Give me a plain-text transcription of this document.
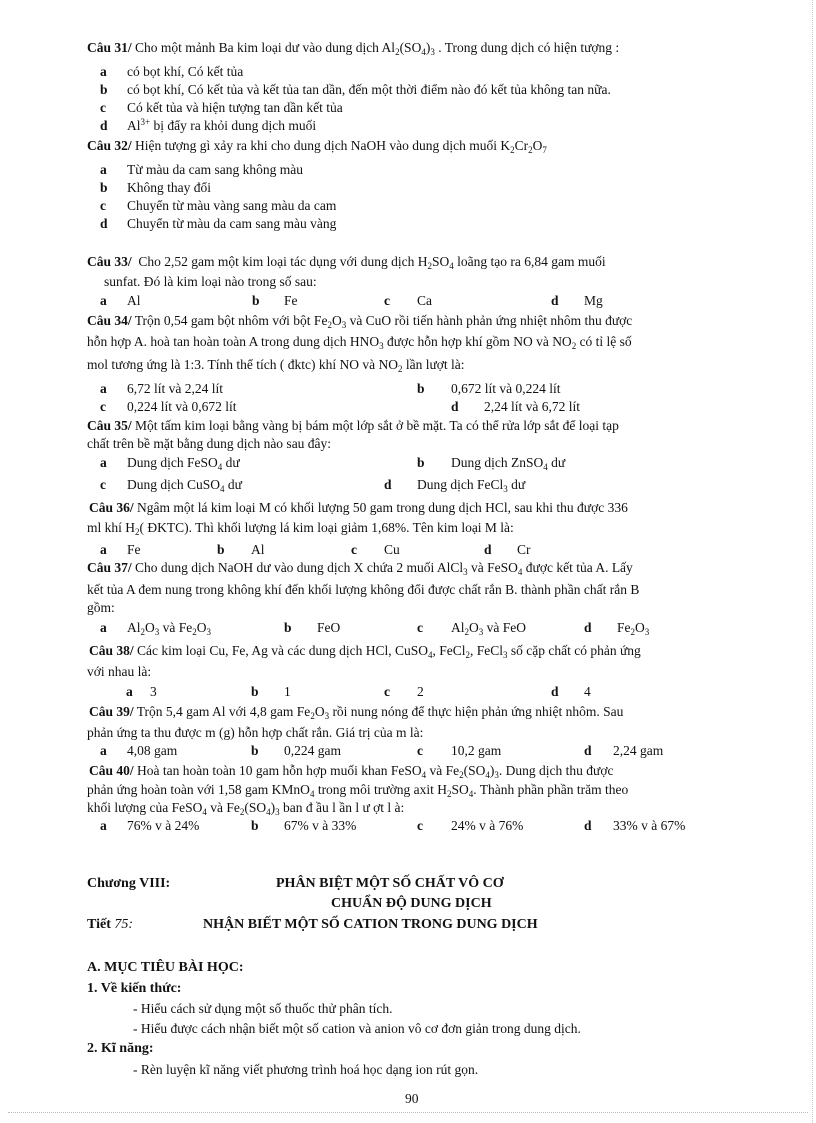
Câu 31/ Cho một mảnh Ba kim loại dư vào dung dịch $Al_2(SO_4)_3$ . Trong dung dịch có hiện tượng :
a có bọt khí, Có kết tủa
b có bọt khí, Có kết tủa và kết tủa tan dần, đến một thời điểm nào đó kết tủa không tan nữa.
c Có kết tủa và hiện tượng tan dần kết tủa
d $Al^{3+}$ bị đẩy ra khỏi dung dịch muối
Câu 32/ Hiện tượng gì xảy ra khi cho dung dịch NaOH vào dung dịch muối $K_2Cr_2O_7$
a Từ màu da cam sang không màu
b Không thay đổi
c Chuyển từ màu vàng sang màu da cam
d Chuyển từ màu da cam sang màu vàng
Câu 33/ Cho 2,52 gam một kim loại tác dụng với dung dịch $H_2SO_4$ loãng tạo ra 6,84 gam muối
sunfat. Đó là kim loại nào trong số sau:
a Al	b Fe	c Ca	d Mg
Câu 34/ Trộn 0,54 gam bột nhôm với bột $Fe_2O_3$ và CuO rồi tiến hành phản ứng nhiệt nhôm thu được
hỗn hợp A. hoà tan hoàn toàn A trong dung dịch $HNO_3$ được hỗn hợp khí gồm NO và $NO_2$ có tỉ lệ số
mol tương ứng là 1:3. Tính thể tích ( đktc) khí NO và $NO_2$ lần lượt là:
a 6,72 lít và 2,24 lít	b 0,672 lít và 0,224 lít
c 0,224 lít và 0,672 lít	d 2,24 lít và 6,72 lít
Câu 35/ Một tấm kim loại bằng vàng bị bám một lớp sắt ở bề mặt. Ta có thể rửa lớp sắt để loại tạp
chất trên bề mặt bằng dung dịch nào sau đây:
a Dung dịch FeSO$_4$ dư	b Dung dịch ZnSO$_4$ dư
c Dung dịch CuSO$_4$ dư	d Dung dịch FeCl$_3$ dư
Câu 36/ Ngâm một lá kim loại M có khối lượng 50 gam trong dung dịch HCl, sau khi thu được 336
ml khí $H_2$( ĐKTC). Thì khối lượng lá kim loại giảm 1,68%. Tên kim loại M là:
a Fe	b Al	c Cu	d Cr
Câu 37/ Cho dung dịch NaOH dư vào dung dịch X chứa 2 muối AlCl$_3$ và FeSO$_4$ được kết tủa A. Lấy
kết tủa A đem nung trong không khí đến khối lượng không đổi được chất rắn B. thành phần chất rắn B
gồm:
a $Al_2O_3$ và $Fe_2O_3$	b FeO	c $Al_2O_3$ và FeO	d $Fe_2O_3$
Câu 38/ Các kim loại Cu, Fe, Ag và các dung dịch HCl, CuSO$_4$, FeCl$_2$, FeCl$_3$ số cặp chất có phản ứng
với nhau là:
a 3	b 1	c 2	d 4
Câu 39/ Trộn 5,4 gam Al với 4,8 gam $Fe_2O_3$ rồi nung nóng để thực hiện phản ứng nhiệt nhôm. Sau
phản ứng ta thu được m (g) hỗn hợp chất rắn. Giá trị của m là:
a 4,08 gam	b 0,224 gam	c 10,2 gam	d 2,24 gam
Câu 40/ Hoà tan hoàn toàn 10 gam hỗn hợp muối khan FeSO$_4$ và $Fe_2(SO_4)_3$. Dung dịch thu được
phản ứng hoàn toàn với 1,58 gam KMnO$_4$ trong môi trường axit $H_2SO_4$. Thành phần phần trăm theo
khối lượng của FeSO$_4$ và $Fe_2(SO_4)_3$ ban đ ầu l ần l ư ợt l à:
a 76% v à 24%	b 67% v à 33%	c 24% v à 76%	d 33% v à 67%
Chương VIII:	PHÂN BIỆT MỘT SỐ CHẤT VÔ CƠ
CHUẨN ĐỘ DUNG DỊCH
Tiết 75:	NHẬN BIẾT MỘT SỐ CATION TRONG DUNG DỊCH
A. MỤC TIÊU BÀI HỌC:
1. Về kiến thức:
- Hiểu cách sử dụng một số thuốc thử phân tích.
- Hiểu được cách nhận biết một số cation và anion vô cơ đơn giản trong dung dịch.
2. Kĩ năng:
- Rèn luyện kĩ năng viết phương trình hoá học dạng ion rút gọn.
90
